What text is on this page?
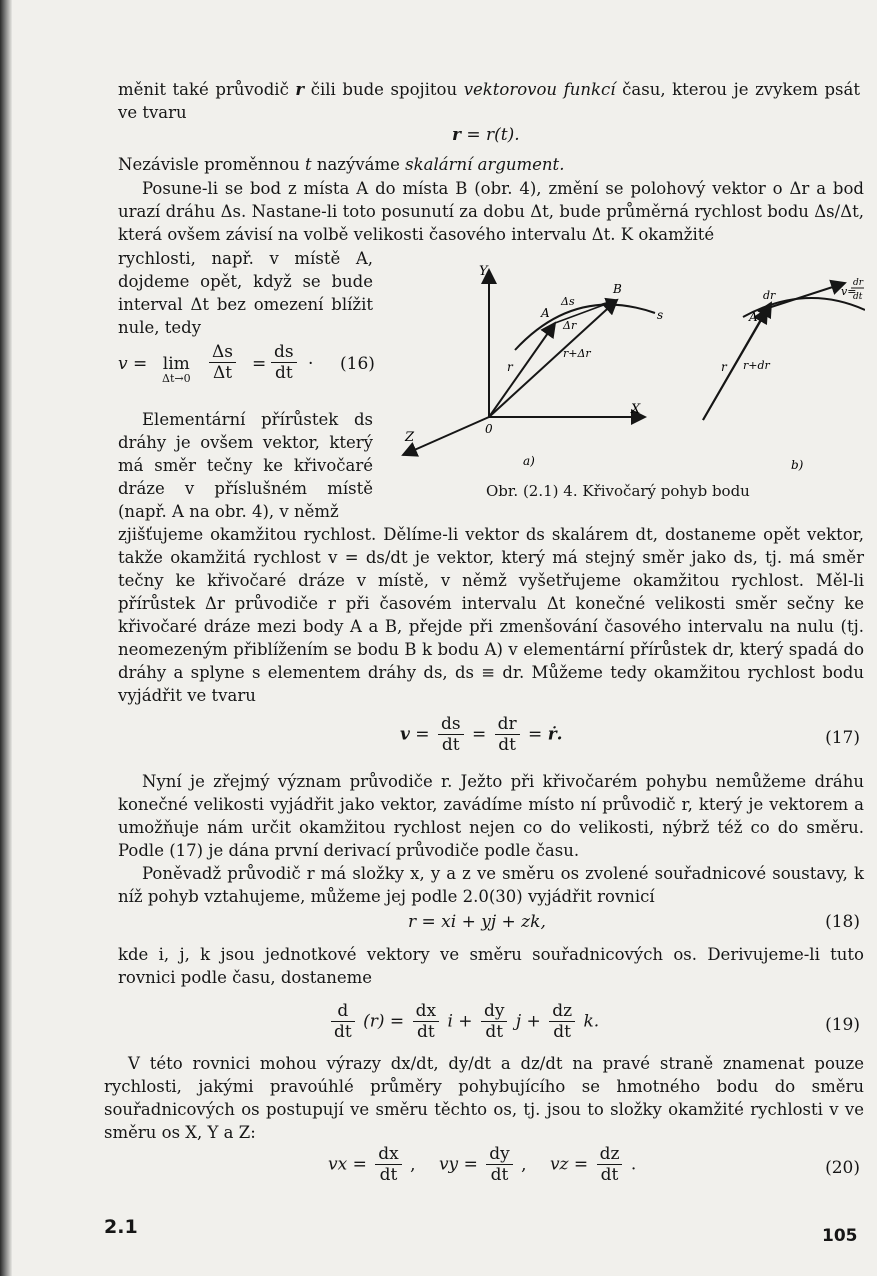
měnit také průvodič r čili bude spojitou vektorovou funkcí času, kterou je zvykem psát ve tvaru
r = r(t).
Nezávisle proměnnou t nazýváme skalární argument.
Posune-li se bod z místa A do místa B (obr. 4), změní se polohový vektor o Δr a bod urazí dráhu Δs. Nastane-li toto posunutí za dobu Δt, bude průměrná rychlost bodu Δs/Δt, která ovšem závisí na volbě velikosti časového intervalu Δt. K okamžité
rychlosti, např. v místě A, dojdeme opět, když se bude interval Δt bez omezení blížit nule, tedy
v = lim
$\Delta t\to 0 \frac{\Delta s}{\Delta t} = \frac{ds}{dt} \cdot (16)$
Elementární přírůstek ds dráhy je ovšem vektor, který má směr tečny ke křivočaré dráze v příslušném místě (např. A na obr. 4), v němž
Y
X
Z
0
A
B
Δs
Δr
s
r
r+Δr
a)
A
dr
r r+dr
v=
dr
dt
b)
Obr. (2.1) 4. Křivočarý pohyb bodu
zjišťujeme okamžitou rychlost. Dělíme-li vektor ds skalárem dt, dostaneme opět vektor, takže okamžitá rychlost v = ds/dt je vektor, který má stejný směr jako ds, tj. má směr tečny ke křivočaré dráze v místě, v němž vyšetřujeme okamžitou rychlost. Měl-li přírůstek Δr průvodiče r při časovém intervalu Δt konečné velikosti směr sečny ke křivočaré dráze mezi body A a B, přejde při zmenšování časového intervalu na nulu (tj. neomezeným přiblížením se bodu B k bodu A) v elementární přírůstek dr, který spadá do dráhy a splyne s elementem dráhy ds, ds ≡ dr. Můžeme tedy okamžitou rychlost bodu vyjádřit ve tvaru
$v = \frac{ds}{dt} = \frac{dr}{dt}$ = ṙ.	(17)
Nyní je zřejmý význam průvodiče r. Ježto při křivočarém pohybu nemůžeme dráhu konečné velikosti vyjádřit jako vektor, zavádíme místo ní průvodič r, který je vektorem a umožňuje nám určit okamžitou rychlost nejen co do velikosti, nýbrž též co do směru. Podle (17) je dána první derivací průvodiče podle času.
Poněvadž průvodič r má složky x, y a z ve směru os zvolené souřadnicové soustavy, k níž pohyb vztahujeme, můžeme jej podle 2.0(30) vyjádřit rovnicí
r = xi + yj + zk,	(18)
kde i, j, k jsou jednotkové vektory ve směru souřadnicových os. Derivujeme-li tuto rovnici podle času, dostaneme
$\frac{d}{dt} (r) = \frac{dx}{dt}$ $i + \frac{dy}{dt}$ $j + \frac{dz}{dt} k$.	(19)
V této rovnici mohou výrazy dx/dt, dy/dt a dz/dt na pravé straně znamenat pouze rychlosti, jakými pravoúhlé průměry pohybujícího se hmotného bodu do směru souřadnicových os postupují ve směru těchto os, tj. jsou to složky okamžité rychlosti v ve směru os X, Y a Z:
vx = $\frac{dx}{dt}$ , vy = $\frac{dy}{dt}$ , vz = $\frac{dz}{dt}$ .	(20)
2.1	105
